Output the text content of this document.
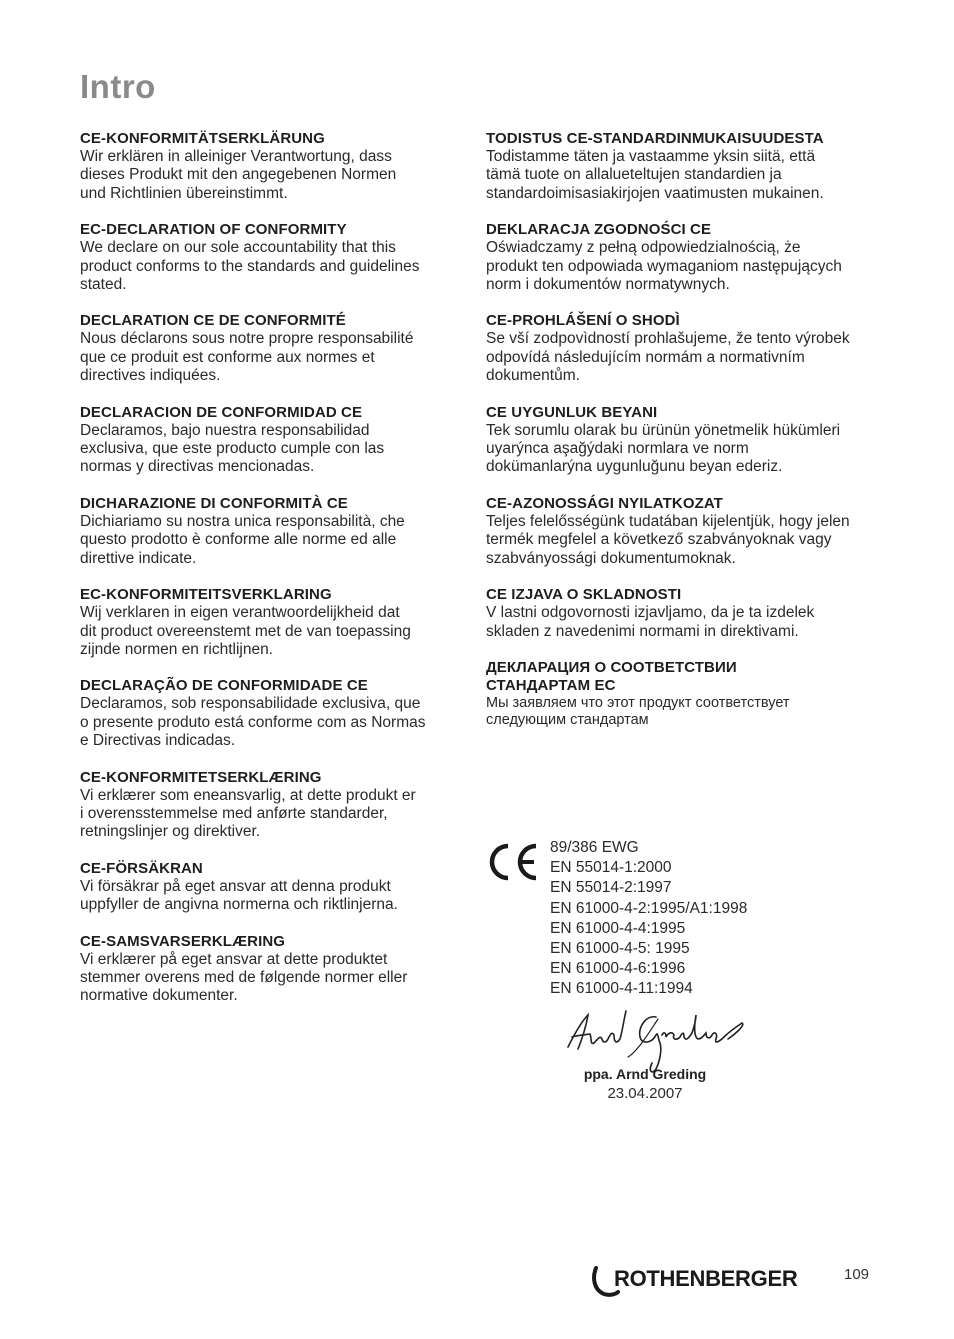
Intro
CE-KONFORMITÄTSERKLÄRUNG
Wir erklären in alleiniger Verantwortung, dass
dieses Produkt mit den angegebenen Normen
und Richtlinien übereinstimmt.
EC-DECLARATION OF CONFORMITY
We declare on our sole accountability that this
product conforms to the standards and guidelines
stated.
DECLARATION CE DE CONFORMITÉ
Nous déclarons sous notre propre responsabilité
que ce produit est conforme aux normes et
directives indiquées.
DECLARACION DE CONFORMIDAD CE
Declaramos, bajo nuestra responsabilidad
exclusiva, que este producto cumple con las
normas y directivas mencionadas.
DICHARAZIONE DI CONFORMITÀ CE
Dichiariamo su nostra unica responsabilità, che
questo prodotto è conforme alle norme ed alle
direttive indicate.
EC-KONFORMITEITSVERKLARING
Wij verklaren in eigen verantwoordelijkheid dat
dit product overeenstemt met de van toepassing
zijnde normen en richtlijnen.
DECLARAÇÃO DE CONFORMIDADE CE
Declaramos, sob responsabilidade exclusiva, que
o presente produto está conforme com as Normas
e Directivas indicadas.
CE-KONFORMITETSERKLÆRING
Vi erklærer som eneansvarlig, at dette produkt er
i overensstemmelse med anførte standarder,
retningslinjer og direktiver.
CE-FÖRSÄKRAN
Vi försäkrar på eget ansvar att denna produkt
uppfyller de angivna normerna och riktlinjerna.
CE-SAMSVARSERKLÆRING
Vi erklærer på eget ansvar at dette produktet
stemmer overens med de følgende normer eller
normative dokumenter.
TODISTUS CE-STANDARDINMUKAISUUDESTA
Todistamme täten ja vastaamme yksin siitä, että
tämä tuote on allalueteltujen standardien ja
standardoimisasiakirjojen vaatimusten mukainen.
DEKLARACJA ZGODNOŚCI CE
Oświadczamy z pełną odpowiedzialnością, że
produkt ten odpowiada wymaganiom następujących
norm i dokumentów normatywnych.
CE-PROHLÁŠENÍ O SHODÌ
Se vší zodpovìdností prohlašujeme, že tento výrobek
odpovídá následujícím normám a normativním
dokumentům.
CE UYGUNLUK BEYANI
Tek sorumlu olarak bu ürünün yönetmelik hükümleri
uyarýnca aşağýdaki normlara ve norm
dokümanlarýna uygunluğunu beyan ederiz.
CE-AZONOSSÁGI NYILATKOZAT
Teljes felelősségünk tudatában kijelentjük, hogy jelen
termék megfelel a következő szabványoknak vagy
szabványossági dokumentumoknak.
CE IZJAVA O SKLADNOSTI
V lastni odgovornosti izjavljamo, da je ta izdelek
skladen z navedenimi normami in direktivami.
ДЕКЛАРАЦИЯ О СООТВЕТСТВИИ
СТАНДАРТАМ ЕС
Мы заявляем что этот продукт соответствует
следующим стандартам
89/386 EWG
EN 55014-1:2000
EN 55014-2:1997
EN 61000-4-2:1995/A1:1998
EN 61000-4-4:1995
EN 61000-4-5: 1995
EN 61000-4-6:1996
EN 61000-4-11:1994
ppa. Arnd Greding
23.04.2007
ROTHENBERGER	109
